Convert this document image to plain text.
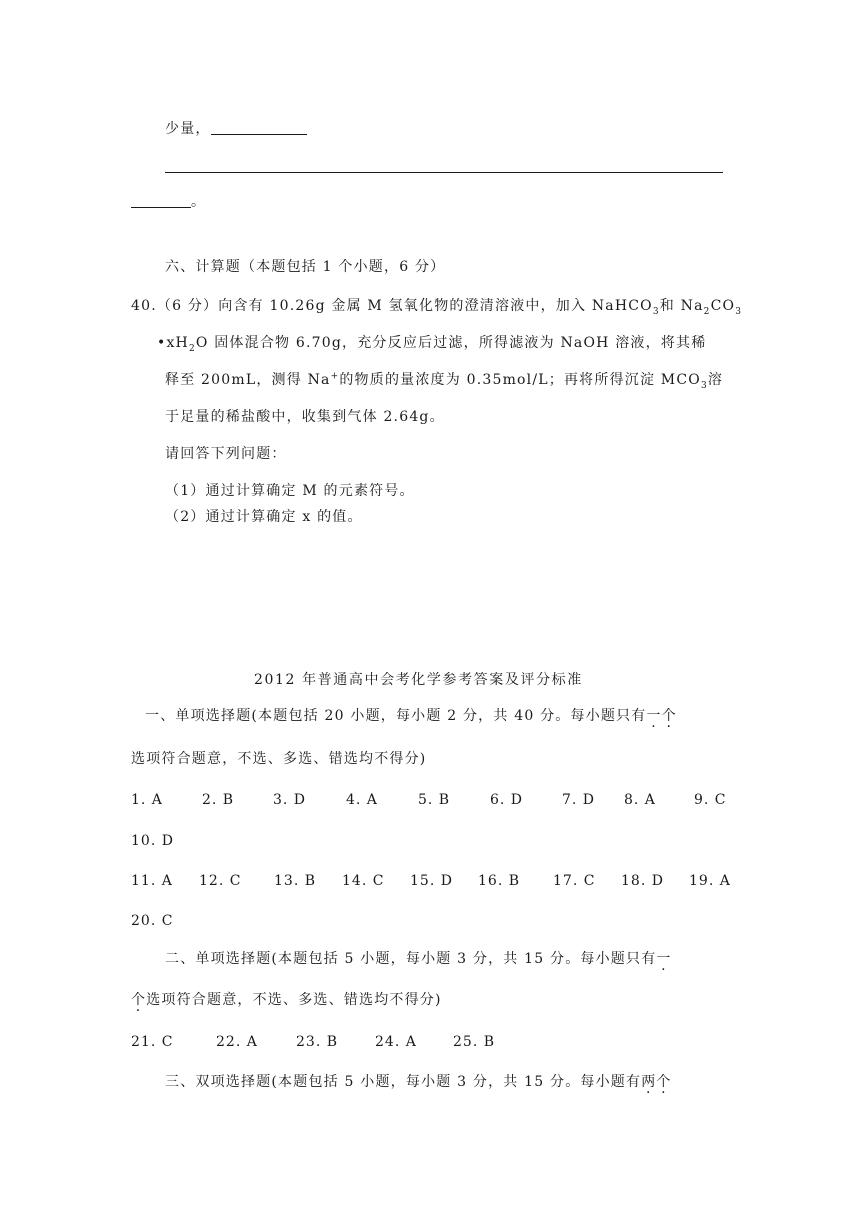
少量，
。
六、计算题（本题包括 1 个小题，6 分）
40.（6 分）向含有 10.26g 金属 M 氢氧化物的澄清溶液中，加入 NaHCO$_3$和 $Na_2CO_3$
$•xH_2O$ 固体混合物 6.70g，充分反应后过滤，所得滤液为 NaOH 溶液，将其稀
释至 200mL，测得 Na+的物质的量浓度为 0.35mol/L；再将所得沉淀 $MCO_3$溶
于足量的稀盐酸中，收集到气体 2.64g。
请回答下列问题：
（1）通过计算确定 M 的元素符号。
（2）通过计算确定 x 的值。
2012 年普通高中会考化学参考答案及评分标准
一、单项选择题(本题包括 20 小题，每小题 2 分，共 40 分。每小题只有一个
选项符合题意，不选、多选、错选均不得分)
1. A	2. B	3. D	4. A	5. B	6. D	7. D 8. A	9. C
10. D
11. A 12. C 13. B 14. C 15. D 16. B 17. C 18. D 19. A
20. C
二、单项选择题(本题包括 5 小题，每小题 3 分，共 15 分。每小题只有一
个选项符合题意，不选、多选、错选均不得分)
21. C	22. A	23. B	24. A	25. B
三、双项选择题(本题包括 5 小题，每小题 3 分，共 15 分。每小题有两个
